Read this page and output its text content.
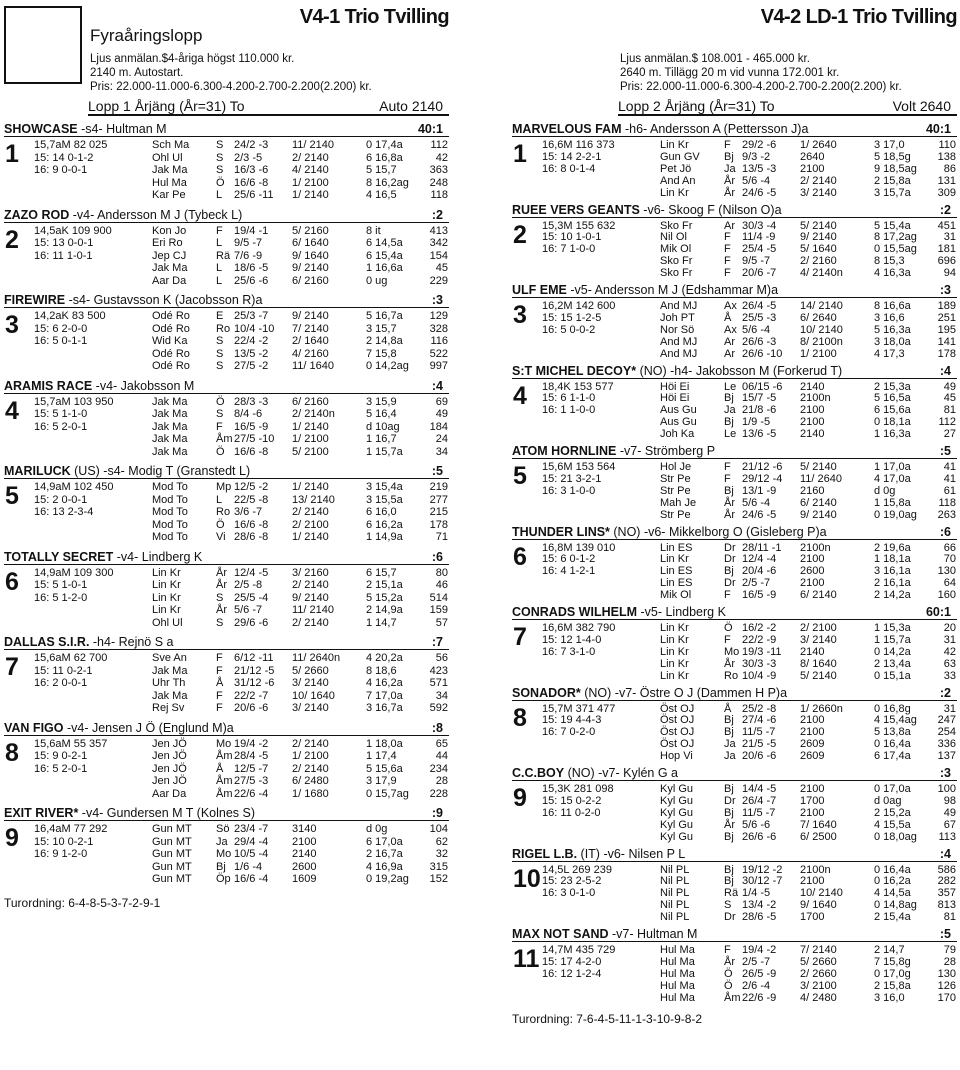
V4-1 Trio Tvilling
Fyraåringslopp
Ljus anmälan.$4-åriga högst 110.000 kr.
2140 m. Autostart.
Pris: 22.000-11.000-6.300-4.200-2.700-2.200(2.200) kr.
Lopp 1 Årjäng (År=31) To	Auto 2140
SHOWCASE -s4- Hultman M	40:1
1 15,7aM 82 025
15: 14 0-1-2
16: 9 0-0-1
Sch Ma S 24/2 -3 11/ 2140	0 17,4a	112
Ohl Ul	S 2/3 -5	2/ 2140	6 16,8a	42
Jak Ma	S 16/3 -6 4/ 2140	5 15,7	363
Hul Ma	Ö 16/6 -8 1/ 2100	8 16,2ag	248
Kar Pe	L 25/6 -11 1/ 2140	4 16,5	118
ZAZO ROD -v4- Andersson M J (Tybeck L)	:2
2 14,5aK 109 900
15: 13 0-0-1
16: 11 1-0-1
Kon Jo	F 19/4 -1 5/ 2160	8 it	413
Eri Ro	L 9/5 -7	6/ 1640	6 14,5a	342
Jep CJ	Rä 7/6 -9	9/ 1640	6 15,4a	154
Jak Ma	L 18/6 -5 9/ 2140	1 16,6a	45
Aar Da	L 25/6 -6 6/ 2160	0 ug	229
FIREWIRE -s4- Gustavsson K (Jacobsson R)a	:3
3 14,2aK 83 500
15: 6 2-0-0
16: 5 0-1-1
Odé Ro E 25/3 -7 9/ 2140	5 16,7a	129
Odé Ro Ro 10/4 -10 7/ 2140	3 15,7	328
Wid Ka	S 22/4 -2 2/ 1640	2 14,8a	116
Odé Ro S 13/5 -2 4/ 2160	7 15,8	522
Odé Ro S 27/5 -2 11/ 1640	0 14,2ag	997
ARAMIS RACE -v4- Jakobsson M	:4
4 15,7aM 103 950
15: 5 1-1-0
16: 5 2-0-1
Jak Ma	Ö 28/3 -3 6/ 2160	3 15,9	69
Jak Ma	S 8/4 -6	2/ 2140n	5 16,4	49
Jak Ma	F 16/5 -9 1/ 2140	d 10ag	184
Jak Ma	Åm 27/5 -10 1/ 2100	1 16,7	24
Jak Ma	Ö 16/6 -8 5/ 2100	1 15,7a	34
MARILUCK (US) -s4- Modig T (Granstedt L)	:5
5 14,9aM 102 450
15: 2 0-0-1
16: 13 2-3-4
Mod To	Mp 12/5 -2 1/ 2140	3 15,4a	219
Mod To	L 22/5 -8 13/ 2140	3 15,5a	277
Mod To	Ro 3/6 -7	2/ 2140	6 16,0	215
Mod To	Ö 16/6 -8 2/ 2100	6 16,2a	178
Mod To	Vi 28/6 -8 1/ 2140	1 14,9a	71
TOTALLY SECRET -v4- Lindberg K	:6
6 14,9aM 109 300
15: 5 1-0-1
16: 5 1-2-0
Lin Kr	År 12/4 -5 3/ 2160	6 15,7	80
Lin Kr	År 2/5 -8	2/ 2140	2 15,1a	46
Lin Kr	S 25/5 -4 9/ 2140	5 15,2a	514
Lin Kr	År 5/6 -7	11/ 2140	2 14,9a	159
Ohl Ul	S 29/6 -6 2/ 2140	1 14,7	57
DALLAS S.I.R. -h4- Rejnö S a	:7
7 15,6aM 62 700
15: 11 0-2-1
16: 2 0-0-1
Sve An	F 6/12 -11 11/ 2640n 4 20,2a	56
Jak Ma	F 21/12 -5 5/ 2660	8 18,6	423
Uhr Th	Å 31/12 -6 3/ 2140	4 16,2a	571
Jak Ma	F 22/2 -7 10/ 1640	7 17,0a	34
Rej Sv	F 20/6 -6 3/ 2140	3 16,7a	592
VAN FIGO -v4- Jensen J Ö (Englund M)a	:8
8 15,6aM 55 357
15: 9 0-2-1
16: 5 2-0-1
Jen JÖ	Mo 19/4 -2 2/ 2140	1 18,0a	65
Jen JÖ	Åm 28/4 -5 1/ 2100	1 17,4	44
Jen JÖ	Å 12/5 -7 2/ 2140	5 15,6a	234
Jen JÖ	Åm 27/5 -3 6/ 2480	3 17,9	28
Aar Da	Åm 22/6 -4 1/ 1680	0 15,7ag	228
EXIT RIVER* -v4- Gundersen M T (Kolnes S)	:9
9 16,4aM 77 292
15: 10 0-2-1
16: 9 1-2-0
Gun MT Sö 23/4 -7 3140	d 0g	104
Gun MT Ja 29/4 -4 2100	6 17,0a	62
Gun MT Mo 10/5 -4 2140	2 16,7a	32
Gun MT Bj 1/6 -4	2600	4 16,9a	315
Gun MT Öp 16/6 -4 1609	0 19,2ag	152
Turordning: 6-4-8-5-3-7-2-9-1
V4-2 LD-1 Trio Tvilling
Ljus anmälan.$ 108.001 - 465.000 kr.
2640 m. Tillägg 20 m vid vunna 172.001 kr.
Pris: 22.000-11.000-6.300-4.200-2.700-2.200(2.200) kr.
Lopp 2 Årjäng (År=31) To	Volt 2640
MARVELOUS FAM -h6- Andersson A (Pettersson J)a	40:1
1 16,6M 116 373
15: 14 2-2-1
16: 8 0-1-4
Lin Kr	F 29/2 -6 1/ 2640	3 17,0	110
Gun GV Bj 9/3 -2	2640	5 18,5g	138
Pet Jö	Ja 13/5 -3 2100	9 18,5ag	86
And An	År 5/6 -4	2/ 2140	2 15,8a	131
Lin Kr	År 24/6 -5 3/ 2140	3 15,7a	309
RUEE VERS GEANTS -v6- Skoog F (Nilson O)a	:2
2 15,3M 155 632
15: 10 1-0-1
16: 7 1-0-0
Sko Fr	Ar 30/3 -4 5/ 2140	5 15,4a	451
Nil Ol	F 11/4 -9 9/ 2140	8 17,2ag	31
Mik Ol	F 25/4 -5 5/ 1640	0 15,5ag	181
Sko Fr	F 9/5 -7	2/ 2160	8 15,3	696
Sko Fr	F 20/6 -7 4/ 2140n	4 16,3a	94
ULF EME -v5- Andersson M J (Edshammar M)a	:3
3 16,2M 142 600
15: 15 1-2-5
16: 5 0-0-2
And MJ Ax 26/4 -5 14/ 2140	8 16,6a	189
Joh PT	Å 25/5 -3 6/ 2640	3 16,6	251
Nor Sö	Ax 5/6 -4	10/ 2140	5 16,3a	195
And MJ Ar 26/6 -3 8/ 2100n	3 18,0a	141
And MJ Ar 26/6 -10 1/ 2100	4 17,3	178
S:T MICHEL DECOY* (NO) -h4- Jakobsson M (Forkerud T)	:4
4 18,4K 153 577
15: 6 1-1-0
16: 1 1-0-0
Höi Ei	Le 06/15 -6 2140	2 15,3a	49
Höi Ei	Bj 15/7 -5 2100n	5 16,5a	45
Aus Gu Ja 21/8 -6 2100	6 15,6a	81
Aus Gu Bj 1/9 -5	2100	0 18,1a	112
Joh Ka	Le 13/6 -5 2140	1 16,3a	27
ATOM HORNLINE -v7- Strömberg P	:5
5 15,6M 153 564
15: 21 3-2-1
16: 3 1-0-0
Hol Je	F 21/12 -6 5/ 2140	1 17,0a	41
Str Pe	F 29/12 -4 11/ 2640	4 17,0a	41
Str Pe	Bj 13/1 -9 2160	d 0g	61
Mah Je	År 5/6 -4	6/ 2140	1 15,8a	118
Str Pe	År 24/6 -5 9/ 2140	0 19,0ag	263
THUNDER LINS* (NO) -v6- Mikkelborg O (Gisleberg P)a	:6
6 16,8M 139 010
15: 6 0-1-2
16: 4 1-2-1
Lin ES	Dr 28/11 -1 2100n	2 19,6a	66
Lin Kr	Dr 12/4 -4 2100	1 18,1a	70
Lin ES	Bj 20/4 -6 2600	3 16,1a	130
Lin ES	Dr 2/5 -7	2100	2 16,1a	64
Mik Ol	F 16/5 -9 6/ 2140	2 14,2a	160
CONRADS WILHELM -v5- Lindberg K	60:1
7 16,6M 382 790
15: 12 1-4-0
16: 7 3-1-0
Lin Kr	Ö 16/2 -2 2/ 2100	1 15,3a	20
Lin Kr	F 22/2 -9 3/ 2140	1 15,7a	31
Lin Kr	Mo 19/3 -11 2140	0 14,2a	42
Lin Kr	År 30/3 -3 8/ 1640	2 13,4a	63
Lin Kr	Ro 10/4 -9 5/ 2140	0 15,1a	33
SONADOR* (NO) -v7- Östre O J (Dammen H P)a	:2
8 15,7M 371 477
15: 19 4-4-3
16: 7 0-2-0
Öst OJ	Å 25/2 -8 1/ 2660n	0 16,8g	31
Öst OJ	Bj 27/4 -6 2100	4 15,4ag	247
Öst OJ	Bj 11/5 -7 2100	5 13,8a	254
Öst OJ	Ja 21/5 -5 2609	0 16,4a	336
Hop Vi	Ja 20/6 -6 2609	6 17,4a	137
C.C.BOY (NO) -v7- Kylén G a	:3
9 15,3K 281 098
15: 15 0-2-2
16: 11 0-2-0
Kyl Gu	Bj 14/4 -5 2100	0 17,0a	100
Kyl Gu	Dr 26/4 -7 1700	d 0ag	98
Kyl Gu	Bj 11/5 -7 2100	2 15,2a	49
Kyl Gu	År 5/6 -6	7/ 1640	4 15,5a	67
Kyl Gu	Bj 26/6 -6 6/ 2500	0 18,0ag	113
RIGEL L.B. (IT) -v6- Nilsen P L	:4
10 14,5L 269 239
15: 23 2-5-2
16: 3 0-1-0
Nil PL	Bj 19/12 -2 2100n	0 16,4a	586
Nil PL	Bj 30/12 -7 2100	0 16,2a	282
Nil PL	Rä 1/4 -5	10/ 2140	4 14,5a	357
Nil PL	S 13/4 -2 9/ 1640	0 14,8ag	813
Nil PL	Dr 28/6 -5 1700	2 15,4a	81
MAX NOT SAND -v7- Hultman M	:5
11 14,7M 435 729
15: 17 4-2-0
16: 12 1-2-4
Hul Ma	F 19/4 -2 7/ 2140	2 14,7	79
Hul Ma	År 2/5 -7	5/ 2660	7 15,8g	28
Hul Ma	Ö 26/5 -9 2/ 2660	0 17,0g	130
Hul Ma	Ö 2/6 -4	3/ 2100	2 15,8a	126
Hul Ma	Åm 22/6 -9 4/ 2480	3 16,0	170
Turordning: 7-6-4-5-11-1-3-10-9-8-2
